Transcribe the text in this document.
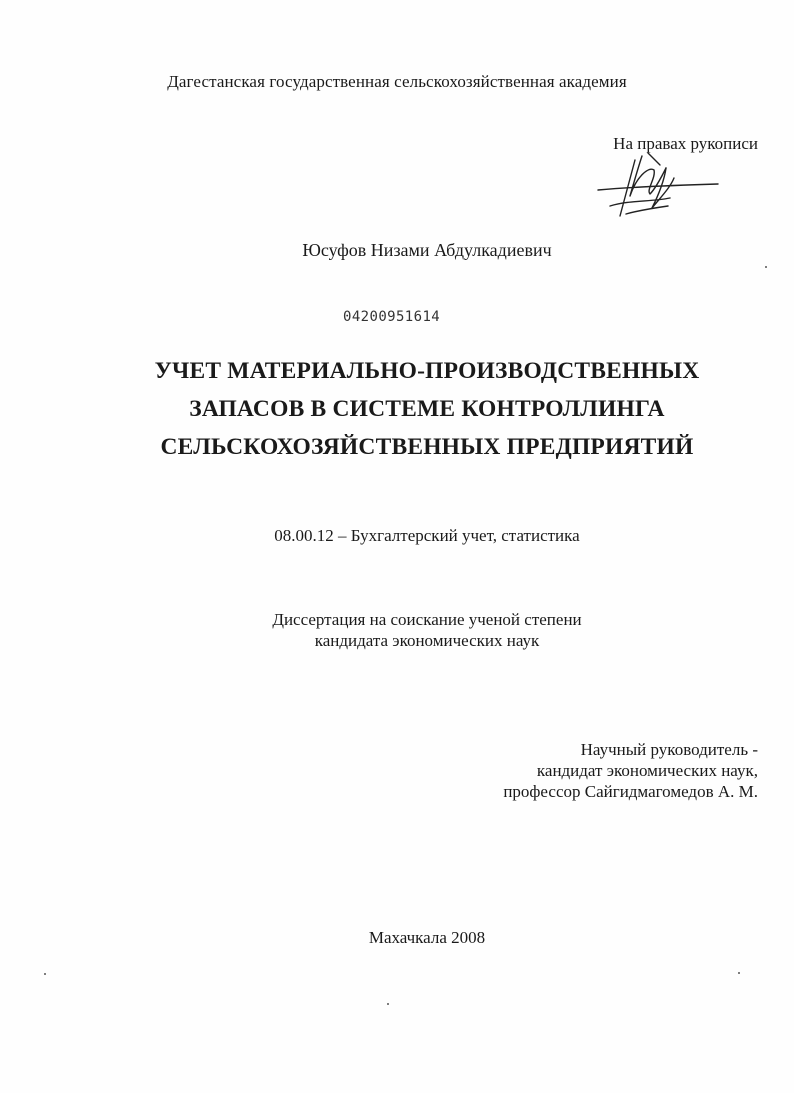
Дагестанская государственная сельскохозяйственная академия

На правах рукописи

Юсуфов Низами Абдулкадиевич

04200951614

УЧЕТ МАТЕРИАЛЬНО-ПРОИЗВОДСТВЕННЫХ
ЗАПАСОВ В СИСТЕМЕ КОНТРОЛЛИНГА
СЕЛЬСКОХОЗЯЙСТВЕННЫХ ПРЕДПРИЯТИЙ

08.00.12 – Бухгалтерский учет, статистика

Диссертация на соискание ученой степени
кандидата экономических наук
Научный руководитель -
кандидат экономических наук,
профессор Сайгидмагомедов А. М.

Махачкала 2008
